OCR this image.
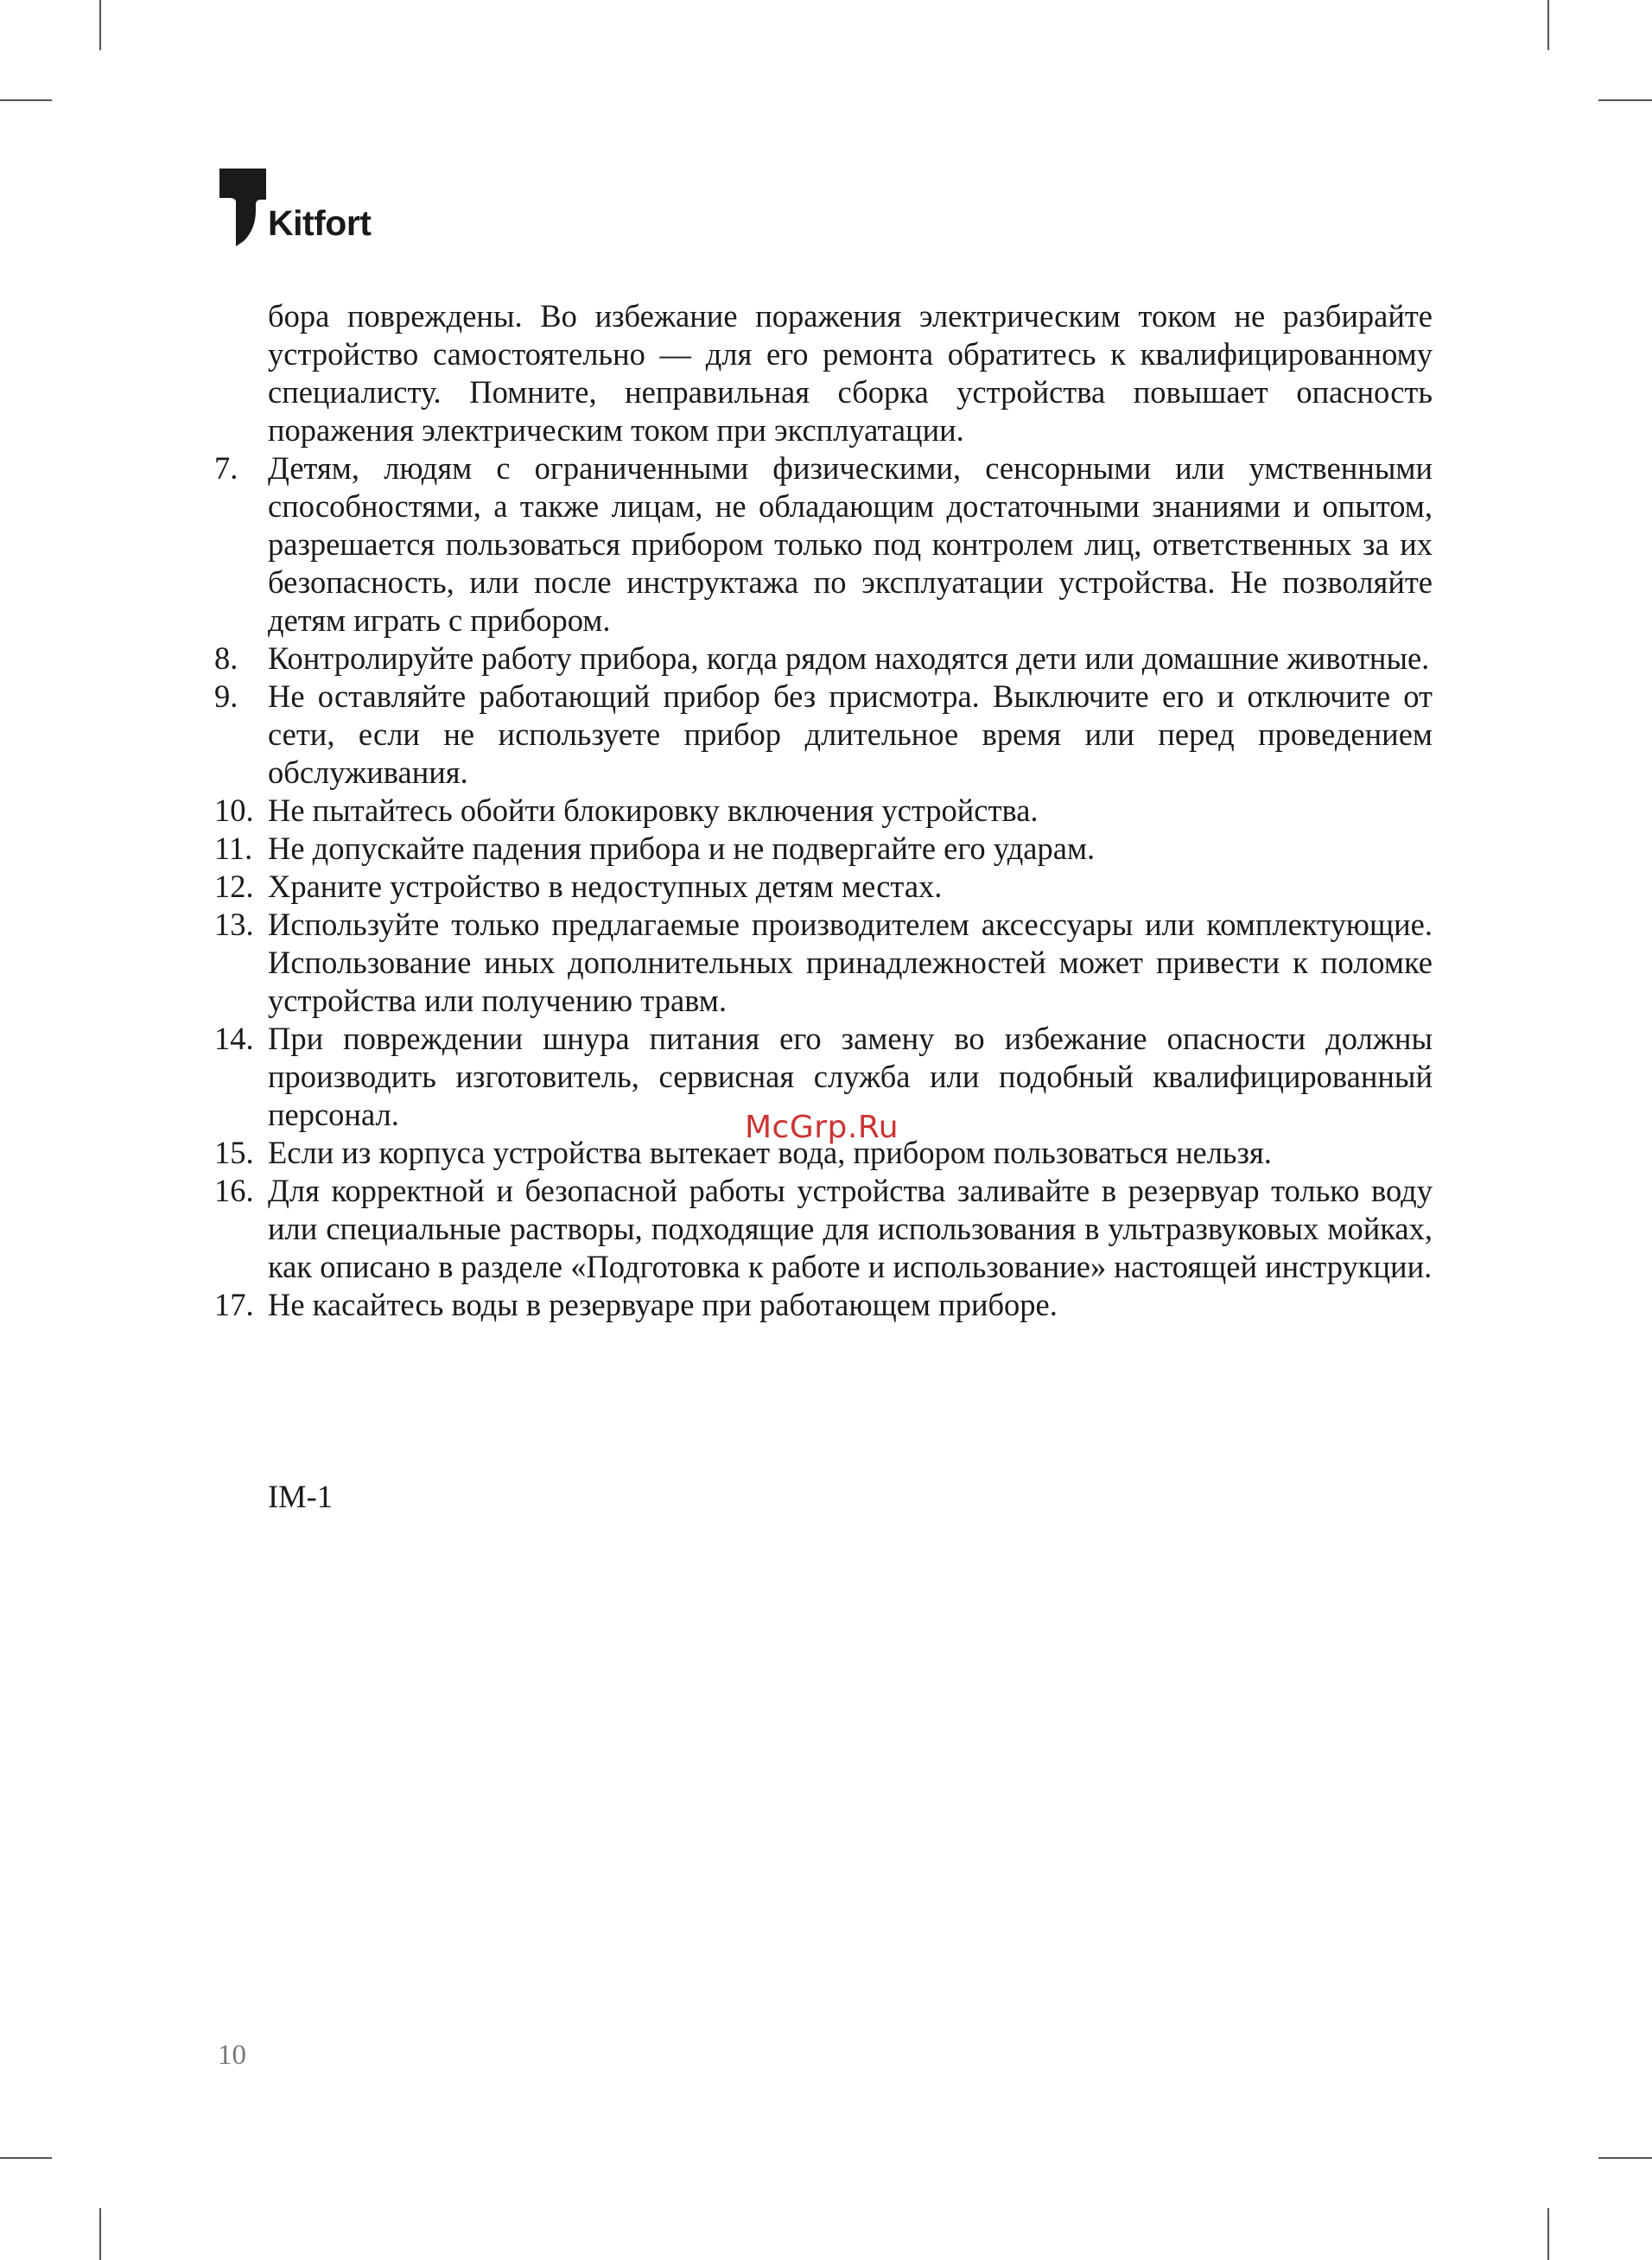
Kitfort

бора повреждены. Во избежание поражения электрическим током не разбирайте устройство самостоятельно — для его ремонта обратитесь к квалифицированному специалисту. Помните, неправильная сборка устройства повышает опасность поражения электрическим током при эксплуатации.

7. Детям, людям с ограниченными физическими, сенсорными или умственными способностями, а также лицам, не обладающим достаточными знаниями и опытом, разрешается пользоваться прибором только под контролем лиц, ответственных за их безопасность, или после инструктажа по эксплуатации устройства. Не позволяйте детям играть с прибором.
8. Контролируйте работу прибора, когда рядом находятся дети или домашние животные.
9. Не оставляйте работающий прибор без присмотра. Выключите его и отключите от сети, если не используете прибор длительное время или перед проведением обслуживания.
10. Не пытайтесь обойти блокировку включения устройства.
11. Не допускайте падения прибора и не подвергайте его ударам.
12. Храните устройство в недоступных детям местах.
13. Используйте только предлагаемые производителем аксессуары или комплектующие. Использование иных дополнительных принадлежностей может привести к поломке устройства или получению травм.
14. При повреждении шнура питания его замену во избежание опасности должны производить изготовитель, сервисная служба или подобный квалифицированный персонал.
15. Если из корпуса устройства вытекает вода, прибором пользоваться нельзя.
16. Для корректной и безопасной работы устройства заливайте в резервуар только воду или специальные растворы, подходящие для использования в ультразвуковых мойках, как описано в разделе «Подготовка к работе и использование» настоящей инструкции.
17. Не касайтесь воды в резервуаре при работающем приборе.
IM-1
McGrp.Ru
10
